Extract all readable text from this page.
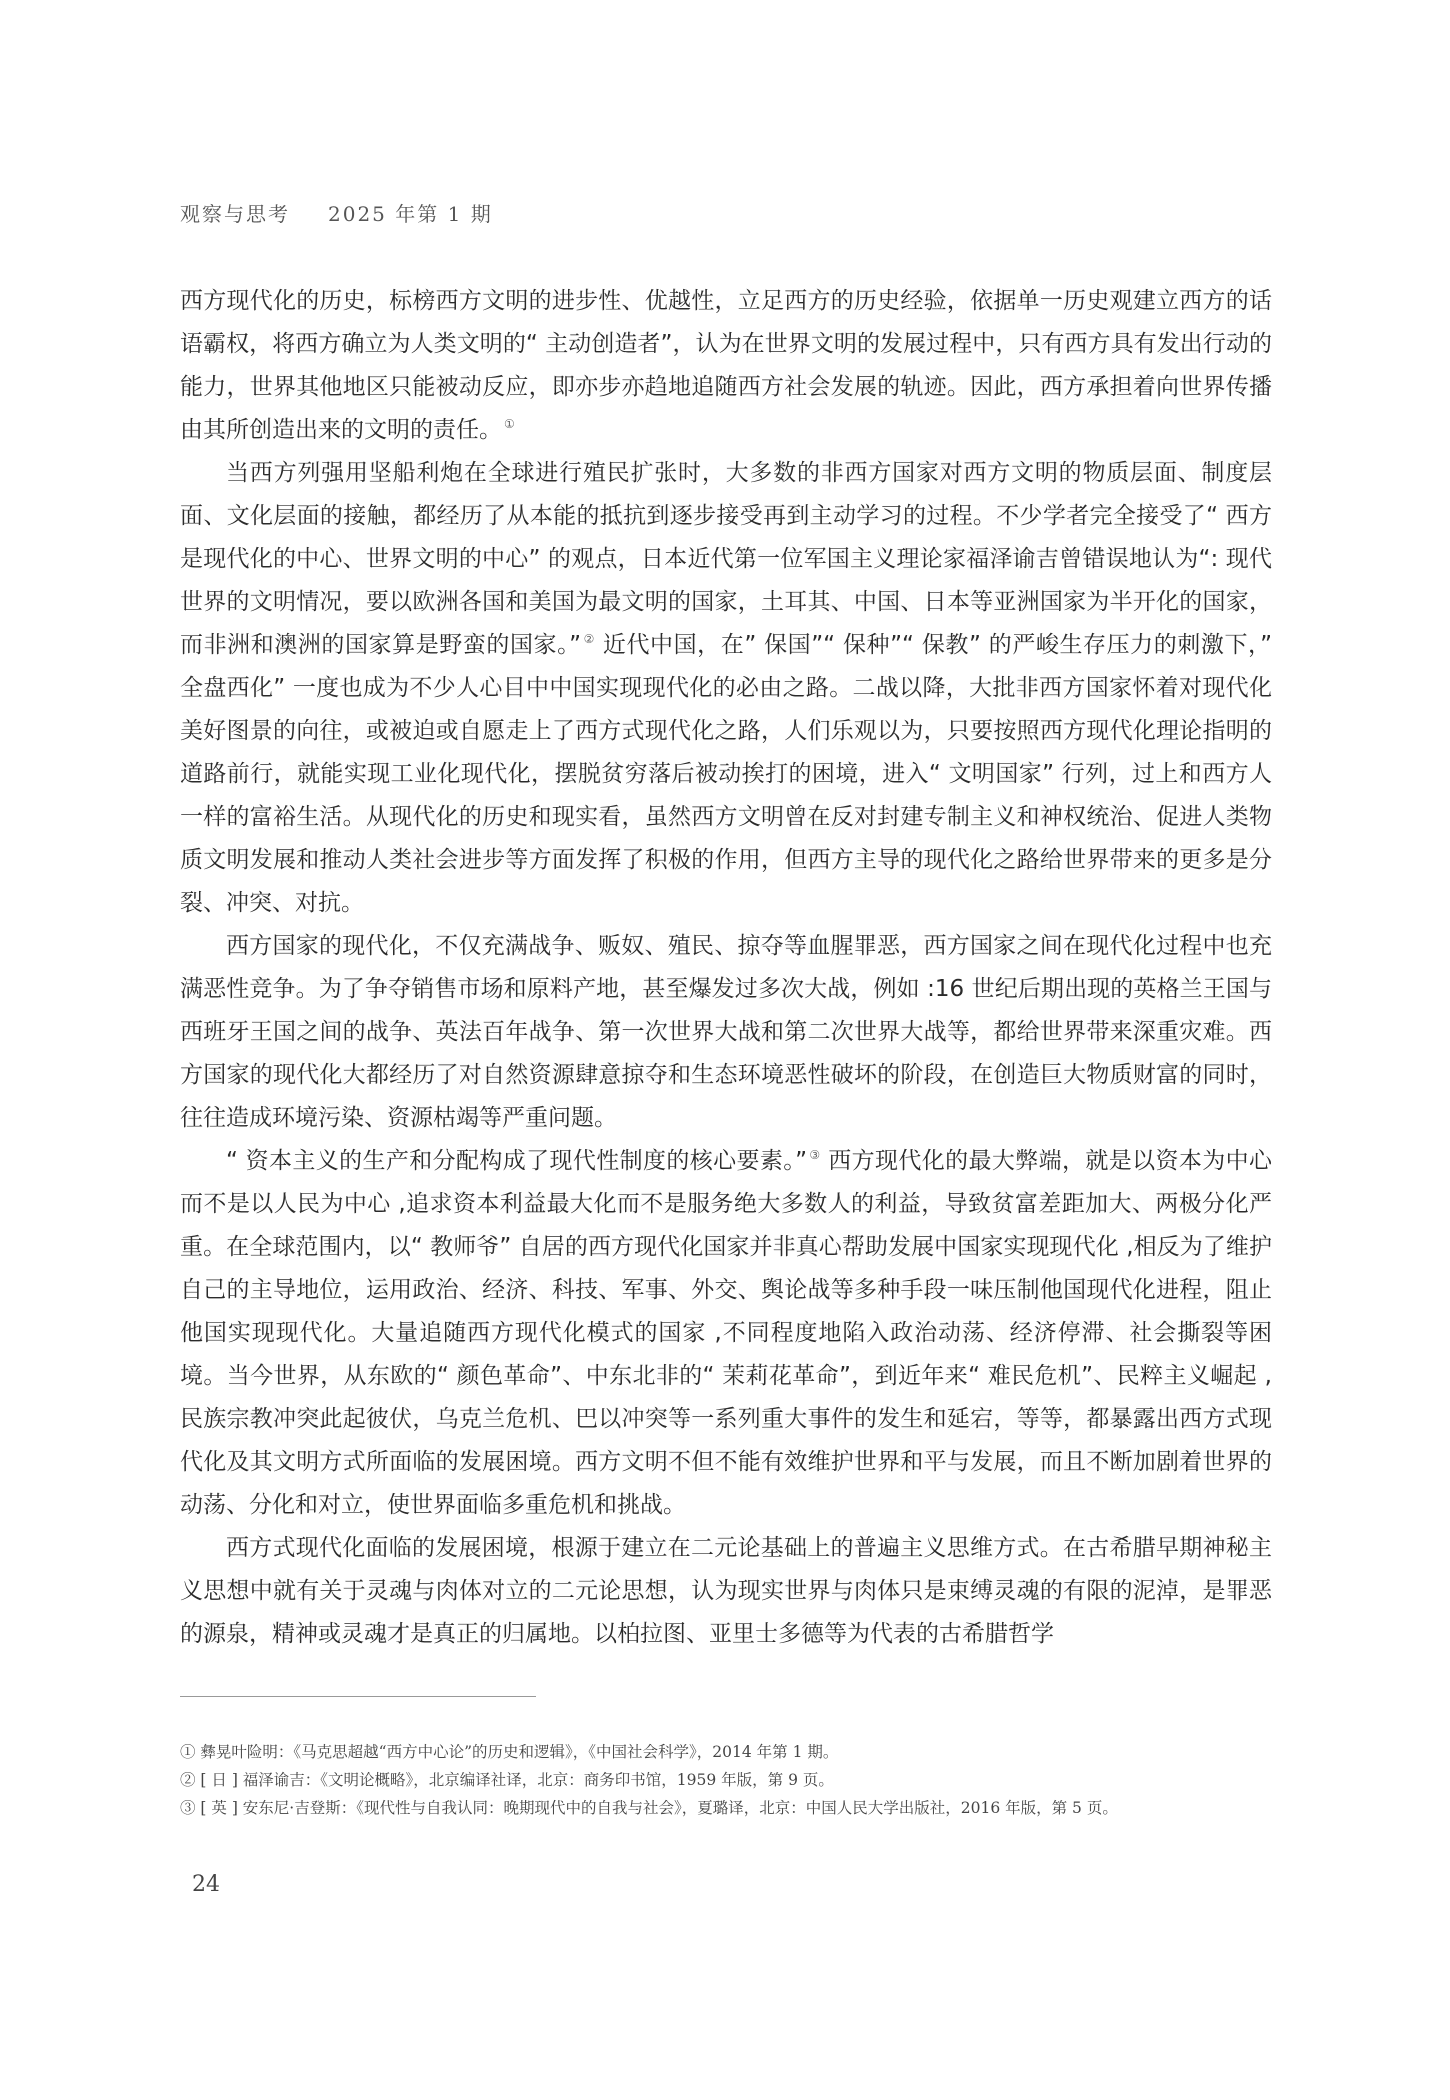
观察与思考 2025 年第 1 期

西方现代化的历史，标榜西方文明的进步性、优越性，立足西方的历史经验，依据单一历史观建立西方的话语霸权，将西方确立为人类文明的“ 主动创造者”，认为在世界文明的发展过程中，只有西方具有发出行动的能力，世界其他地区只能被动反应，即亦步亦趋地追随西方社会发展的轨迹。因此，西方承担着向世界传播由其所创造出来的文明的责任。 ①

当西方列强用坚船利炮在全球进行殖民扩张时，大多数的非西方国家对西方文明的物质层面、制度层面、文化层面的接触，都经历了从本能的抵抗到逐步接受再到主动学习的过程。不少学者完全接受了“ 西方是现代化的中心、世界文明的中心” 的观点，日本近代第一位军国主义理论家福泽谕吉曾错误地认为“: 现代世界的文明情况，要以欧洲各国和美国为最文明的国家，土耳其、中国、日本等亚洲国家为半开化的国家，而非洲和澳洲的国家算是野蛮的国家。” ② 近代中国，在” 保国”“ 保种”“ 保教” 的严峻生存压力的刺激下，” 全盘西化” 一度也成为不少人心目中中国实现现代化的必由之路。二战以降，大批非西方国家怀着对现代化美好图景的向往，或被迫或自愿走上了西方式现代化之路，人们乐观以为，只要按照西方现代化理论指明的道路前行，就能实现工业化现代化，摆脱贫穷落后被动挨打的困境，进入“ 文明国家” 行列，过上和西方人一样的富裕生活。从现代化的历史和现实看，虽然西方文明曾在反对封建专制主义和神权统治、促进人类物质文明发展和推动人类社会进步等方面发挥了积极的作用，但西方主导的现代化之路给世界带来的更多是分裂、冲突、对抗。

西方国家的现代化，不仅充满战争、贩奴、殖民、掠夺等血腥罪恶，西方国家之间在现代化过程中也充满恶性竞争。为了争夺销售市场和原料产地，甚至爆发过多次大战，例如 :16 世纪后期出现的英格兰王国与西班牙王国之间的战争、英法百年战争、第一次世界大战和第二次世界大战等，都给世界带来深重灾难。西方国家的现代化大都经历了对自然资源肆意掠夺和生态环境恶性破坏的阶段，在创造巨大物质财富的同时，往往造成环境污染、资源枯竭等严重问题。

“ 资本主义的生产和分配构成了现代性制度的核心要素。” ③ 西方现代化的最大弊端，就是以资本为中心而不是以人民为中心 ,追求资本利益最大化而不是服务绝大多数人的利益，导致贫富差距加大、两极分化严重。在全球范围内，以“ 教师爷” 自居的西方现代化国家并非真心帮助发展中国家实现现代化 ,相反为了维护自己的主导地位，运用政治、经济、科技、军事、外交、舆论战等多种手段一味压制他国现代化进程，阻止他国实现现代化。大量追随西方现代化模式的国家 ,不同程度地陷入政治动荡、经济停滞、社会撕裂等困境。当今世界，从东欧的“ 颜色革命”、中东北非的“ 茉莉花革命”，到近年来“ 难民危机”、民粹主义崛起 ,民族宗教冲突此起彼伏，乌克兰危机、巴以冲突等一系列重大事件的发生和延宕，等等，都暴露出西方式现代化及其文明方式所面临的发展困境。西方文明不但不能有效维护世界和平与发展，而且不断加剧着世界的动荡、分化和对立，使世界面临多重危机和挑战。

西方式现代化面临的发展困境，根源于建立在二元论基础上的普遍主义思维方式。在古希腊早期神秘主义思想中就有关于灵魂与肉体对立的二元论思想，认为现实世界与肉体只是束缚灵魂的有限的泥淖，是罪恶的源泉，精神或灵魂才是真正的归属地。以柏拉图、亚里士多德等为代表的古希腊哲学

① 彝晃叶险明：《马克思超越“西方中心论”的历史和逻辑》，《中国社会科学》，2014 年第 1 期。
② [ 日 ] 福泽谕吉：《文明论概略》，北京编译社译，北京：商务印书馆，1959 年版，第 9 页。
③ [ 英 ] 安东尼·吉登斯：《现代性与自我认同：晚期现代中的自我与社会》，夏璐译，北京：中国人民大学出版社，2016 年版，第 5 页。
24
